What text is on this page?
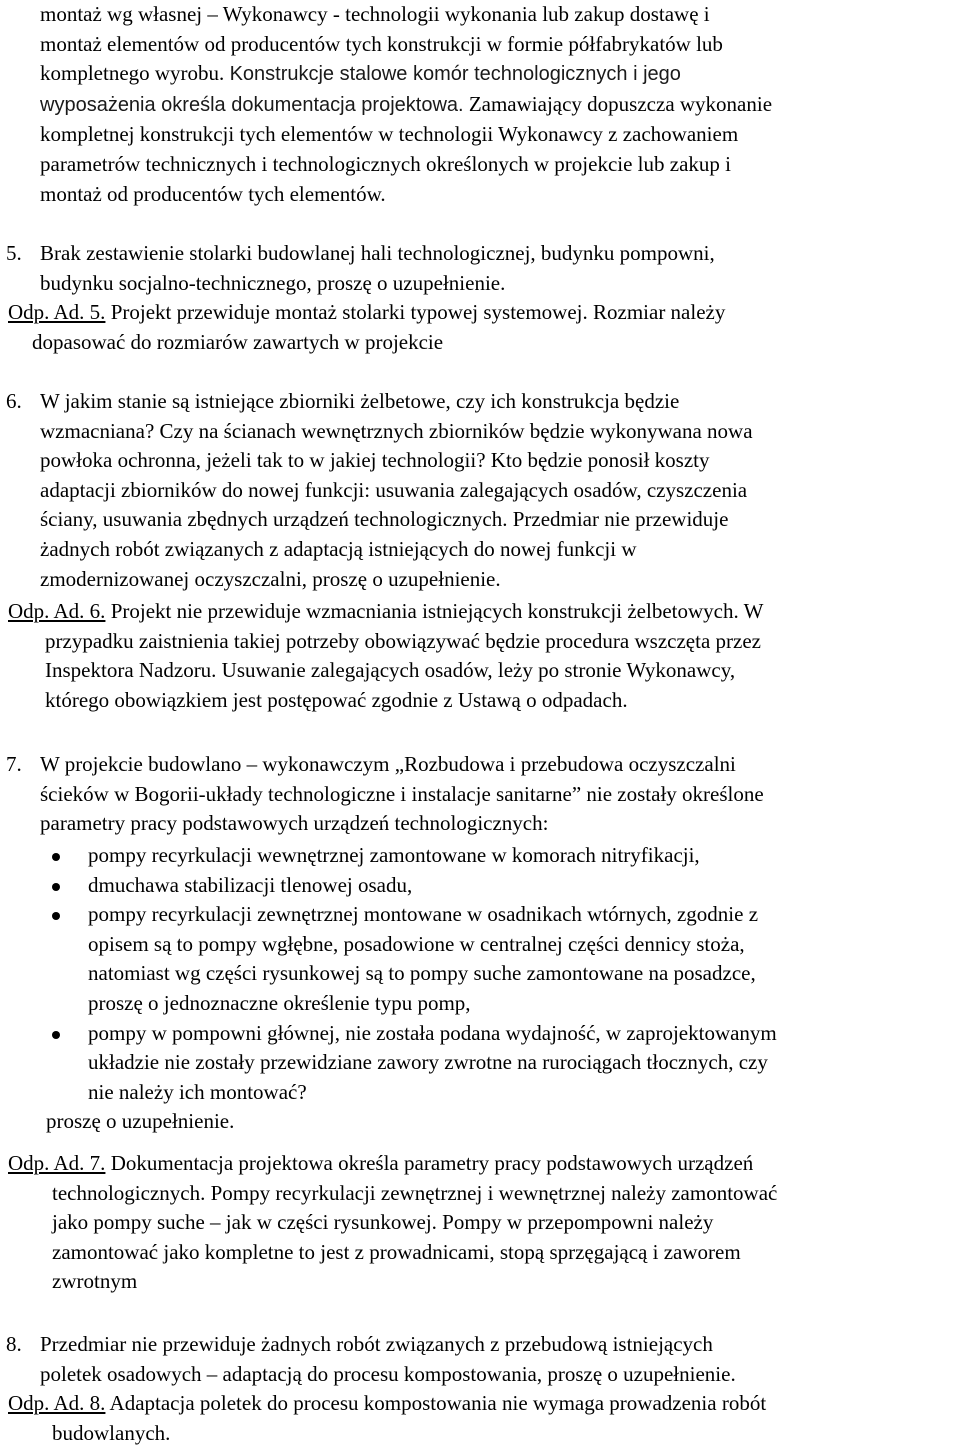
montaż wg własnej – Wykonawcy - technologii wykonania lub zakup dostawę i

montaż elementów od producentów tych konstrukcji w formie półfabrykatów lub

kompletnego wyrobu. Konstrukcje stalowe komór technologicznych i jego

wyposażenia określa dokumentacja projektowa. Zamawiający dopuszcza wykonanie

kompletnej konstrukcji tych elementów w technologii Wykonawcy z zachowaniem

parametrów technicznych i technologicznych określonych w projekcie lub zakup i

montaż od producentów tych elementów.

5. Brak zestawienie stolarki budowlanej hali technologicznej, budynku pompowni,

budynku socjalno-technicznego, proszę o uzupełnienie.

Odp. Ad. 5. Projekt przewiduje montaż stolarki typowej systemowej. Rozmiar należy

dopasować do rozmiarów zawartych w projekcie

6. W jakim stanie są istniejące zbiorniki żelbetowe, czy ich konstrukcja będzie

wzmacniana? Czy na ścianach wewnętrznych zbiorników będzie wykonywana nowa

powłoka ochronna, jeżeli tak to w jakiej technologii? Kto będzie ponosił koszty

adaptacji zbiorników do nowej funkcji: usuwania zalegających osadów, czyszczenia

ściany, usuwania zbędnych urządzeń technologicznych. Przedmiar nie przewiduje

żadnych robót związanych z adaptacją istniejących do nowej funkcji w

zmodernizowanej oczyszczalni, proszę o uzupełnienie.

Odp. Ad. 6. Projekt nie przewiduje wzmacniania istniejących konstrukcji żelbetowych. W

przypadku zaistnienia takiej potrzeby obowiązywać będzie procedura wszczęta przez

Inspektora Nadzoru. Usuwanie zalegających osadów, leży po stronie Wykonawcy,

którego obowiązkiem jest postępować zgodnie z Ustawą o odpadach.

7. W projekcie budowlano – wykonawczym „Rozbudowa i przebudowa oczyszczalni

ścieków w Bogorii-układy technologiczne i instalacje sanitarne” nie zostały określone

parametry pracy podstawowych urządzeń technologicznych:

pompy recyrkulacji wewnętrznej zamontowane w komorach nitryfikacji,

dmuchawa stabilizacji tlenowej osadu,

pompy recyrkulacji zewnętrznej montowane w osadnikach wtórnych, zgodnie z

opisem są to pompy wgłębne, posadowione w centralnej części dennicy stoża,

natomiast wg części rysunkowej są to pompy suche zamontowane na posadzce,

proszę o jednoznaczne określenie typu pomp,

pompy w pompowni głównej, nie została podana wydajność, w zaprojektowanym

układzie nie zostały przewidziane zawory zwrotne na rurociągach tłocznych, czy

nie należy ich montować?

proszę o uzupełnienie.

Odp. Ad. 7. Dokumentacja projektowa określa parametry pracy podstawowych urządzeń

technologicznych. Pompy recyrkulacji zewnętrznej i wewnętrznej należy zamontować

jako pompy suche – jak w części rysunkowej. Pompy w przepompowni należy

zamontować jako kompletne to jest z prowadnicami, stopą sprzęgającą i zaworem

zwrotnym

8. Przedmiar nie przewiduje żadnych robót związanych z przebudową istniejących

poletek osadowych – adaptacją do procesu kompostowania, proszę o uzupełnienie.

Odp. Ad. 8. Adaptacja poletek do procesu kompostowania nie wymaga prowadzenia robót

budowlanych.
